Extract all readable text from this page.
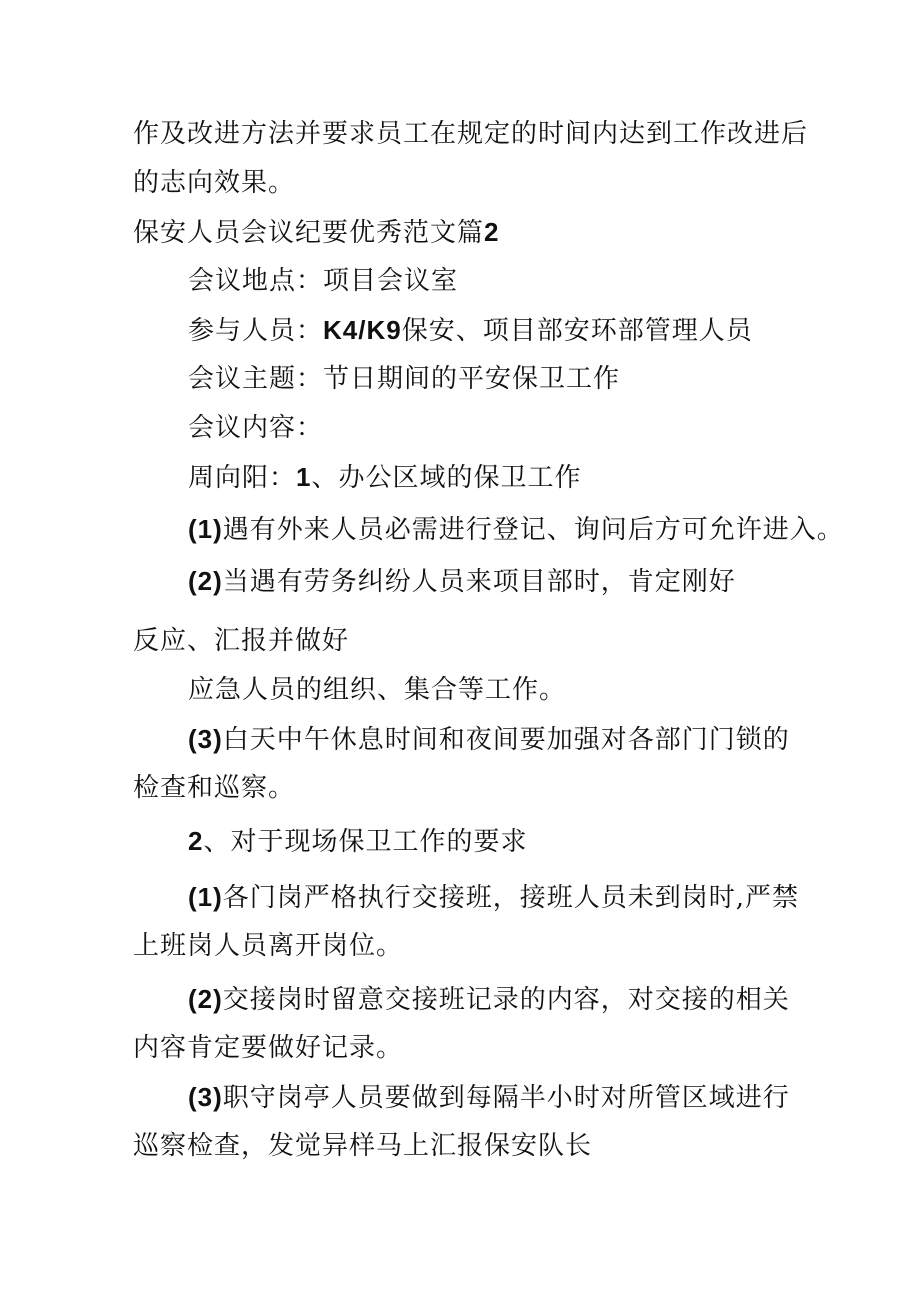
作及改进方法并要求员工在规定的时间内达到工作改进后
的志向效果。
保安人员会议纪要优秀范文篇2
会议地点：项目会议室
参与人员：K4/K9保安、项目部安环部管理人员
会议主题：节日期间的平安保卫工作
会议内容：
周向阳：1、办公区域的保卫工作
(1)遇有外来人员必需进行登记、询问后方可允许进入。
(2)当遇有劳务纠纷人员来项目部时，肯定刚好
反应、汇报并做好
应急人员的组织、集合等工作。
(3)白天中午休息时间和夜间要加强对各部门门锁的
检查和巡察。
2、对于现场保卫工作的要求
(1)各门岗严格执行交接班，接班人员未到岗时,严禁
上班岗人员离开岗位。
(2)交接岗时留意交接班记录的内容，对交接的相关
内容肯定要做好记录。
(3)职守岗亭人员要做到每隔半小时对所管区域进行
巡察检查，发觉异样马上汇报保安队长
